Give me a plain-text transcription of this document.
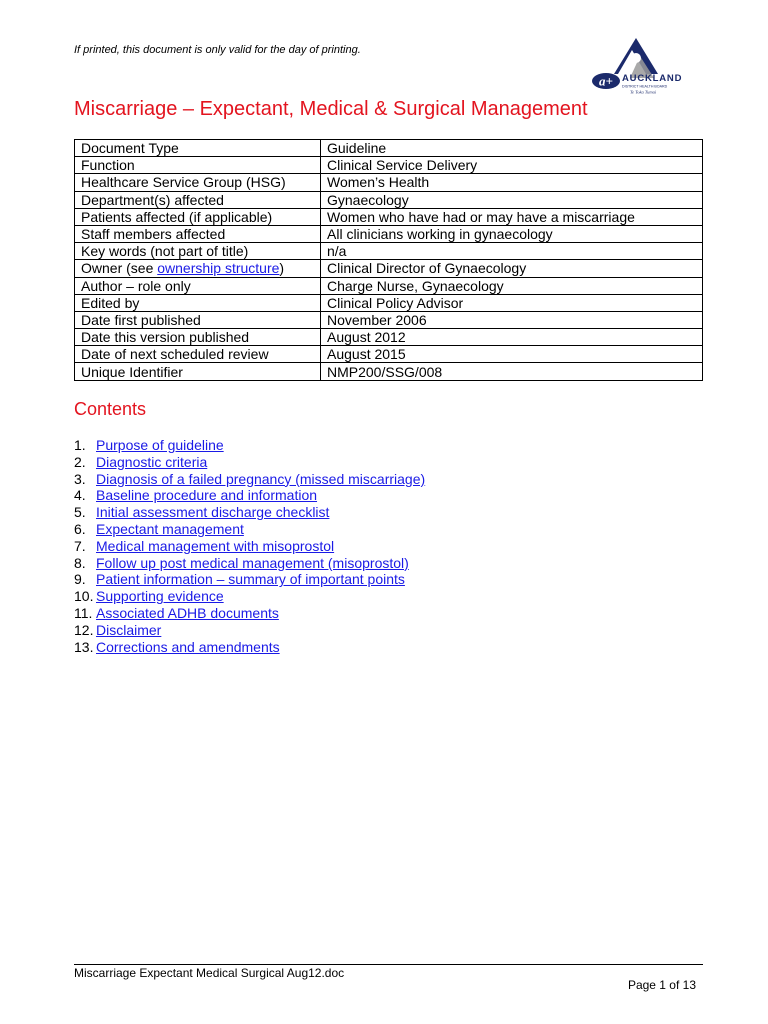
If printed, this document is only valid for the day of printing.
a+ AUCKLAND
DISTRICT HEALTH BOARD
Te Toka Tumai
Miscarriage – Expectant, Medical & Surgical Management
Document Type	Guideline
Function	Clinical Service Delivery
Healthcare Service Group (HSG)	Women’s Health
Department(s) affected	Gynaecology
Patients affected (if applicable)	Women who have had or may have a miscarriage
Staff members affected	All clinicians working in gynaecology
Key words (not part of title)	n/a
Owner (see ownership structure)	Clinical Director of Gynaecology
Author – role only	Charge Nurse, Gynaecology
Edited by	Clinical Policy Advisor
Date first published	November 2006
Date this version published	August 2012
Date of next scheduled review	August 2015
Unique Identifier	NMP200/SSG/008
Contents
1. Purpose of guideline
2. Diagnostic criteria
3. Diagnosis of a failed pregnancy (missed miscarriage)
4. Baseline procedure and information
5. Initial assessment discharge checklist
6. Expectant management
7. Medical management with misoprostol
8. Follow up post medical management (misoprostol)
9. Patient information – summary of important points
10. Supporting evidence
11. Associated ADHB documents
12. Disclaimer
13. Corrections and amendments
Miscarriage Expectant Medical Surgical Aug12.doc
Page 1 of 13
